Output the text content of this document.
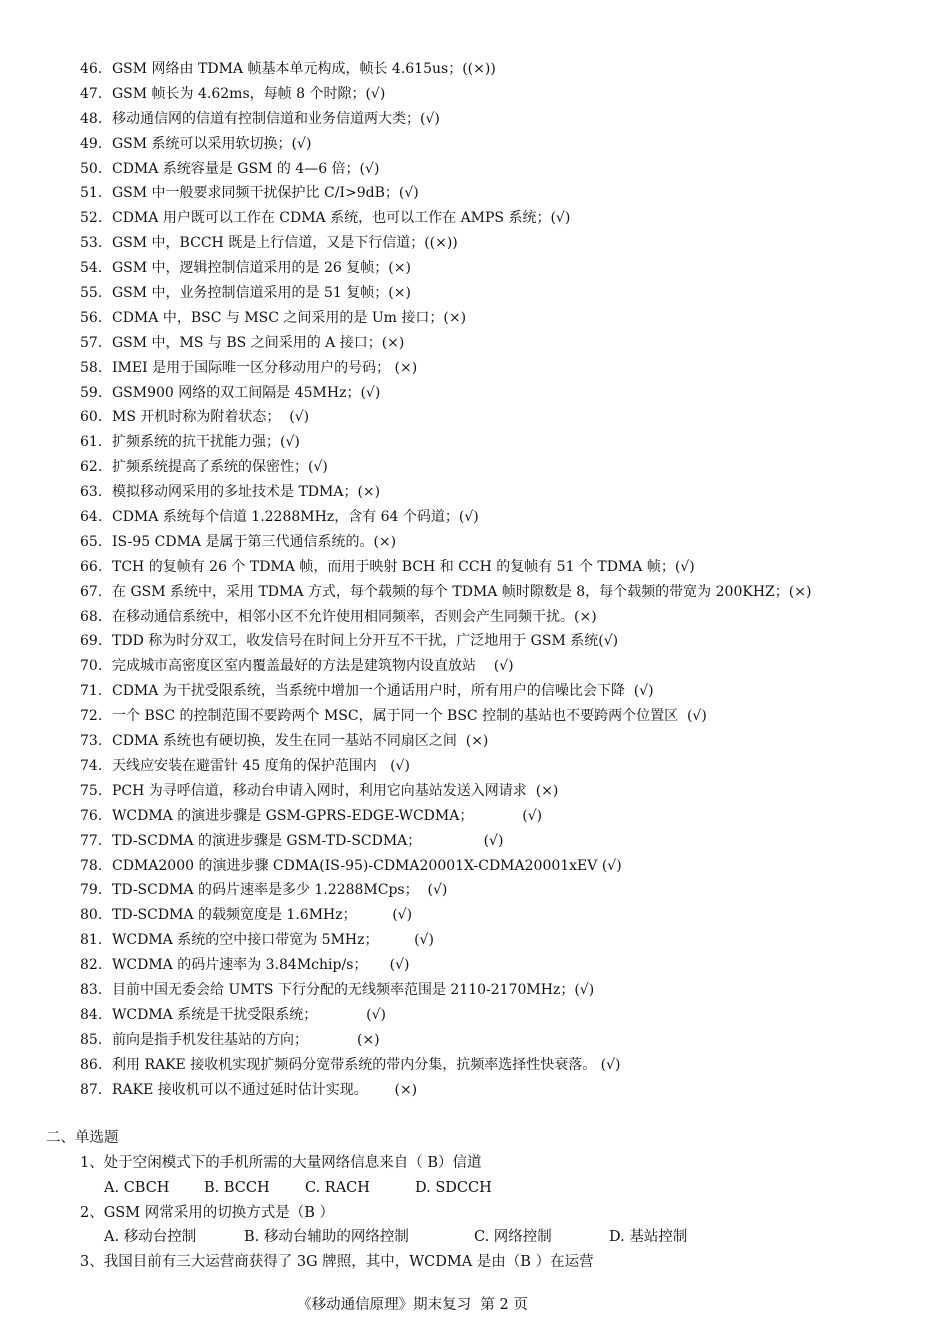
46. GSM 网络由 TDMA 帧基本单元构成，帧长 4.615us；((×))
47. GSM 帧长为 4.62ms，每帧 8 个时隙；(√)
48. 移动通信网的信道有控制信道和业务信道两大类；(√)
49. GSM 系统可以采用软切换；(√)
50. CDMA 系统容量是 GSM 的 4—6 倍；(√)
51. GSM 中一般要求同频干扰保护比 C/I>9dB；(√)
52. CDMA 用户既可以工作在 CDMA 系统，也可以工作在 AMPS 系统；(√)
53. GSM 中，BCCH 既是上行信道，又是下行信道；((×))
54. GSM 中，逻辑控制信道采用的是 26 复帧；(×)
55. GSM 中，业务控制信道采用的是 51 复帧；(×)
56. CDMA 中，BSC 与 MSC 之间采用的是 Um 接口；(×)
57. GSM 中，MS 与 BS 之间采用的 A 接口；(×)
58. IMEI 是用于国际唯一区分移动用户的号码； (×)
59. GSM900 网络的双工间隔是 45MHz；(√)
60. MS 开机时称为附着状态；  (√)
61. 扩频系统的抗干扰能力强；(√)
62. 扩频系统提高了系统的保密性；(√)
63. 模拟移动网采用的多址技术是 TDMA；(×)
64. CDMA 系统每个信道 1.2288MHz，含有 64 个码道；(√)
65. IS-95 CDMA 是属于第三代通信系统的。(×)
66. TCH 的复帧有 26 个 TDMA 帧，而用于映射 BCH 和 CCH 的复帧有 51 个 TDMA 帧；(√)
67. 在 GSM 系统中，采用 TDMA 方式，每个载频的每个 TDMA 帧时隙数是 8，每个载频的带宽为 200KHZ；(×)
68. 在移动通信系统中，相邻小区不允许使用相同频率，否则会产生同频干扰。(×)
69. TDD 称为时分双工，收发信号在时间上分开互不干扰，广泛地用于 GSM 系统(√)
70. 完成城市高密度区室内覆盖最好的方法是建筑物内设直放站    (√)
71. CDMA 为干扰受限系统，当系统中增加一个通话用户时，所有用户的信噪比会下降  (√)
72. 一个 BSC 的控制范围不要跨两个 MSC，属于同一个 BSC 控制的基站也不要跨两个位置区  (√)
73. CDMA 系统也有硬切换，发生在同一基站不同扇区之间  (×)
74. 天线应安装在避雷针 45 度角的保护范围内   (√)
75. PCH 为寻呼信道，移动台申请入网时，利用它向基站发送入网请求  (×)
76. WCDMA 的演进步骤是 GSM-GPRS-EDGE-WCDMA；           (√)
77. TD-SCDMA 的演进步骤是 GSM-TD-SCDMA；              (√)
78. CDMA2000 的演进步骤 CDMA(IS-95)-CDMA20001X-CDMA20001xEV (√)
79. TD-SCDMA 的码片速率是多少 1.2288MCps；  (√)
80. TD-SCDMA 的载频宽度是 1.6MHz；        (√)
81. WCDMA 系统的空中接口带宽为 5MHz；        (√)
82. WCDMA 的码片速率为 3.84Mchip/s；     (√)
83. 目前中国无委会给 UMTS 下行分配的无线频率范围是 2110-2170MHz；(√)
84. WCDMA 系统是干扰受限系统；           (√)
85. 前向是指手机发往基站的方向；           (×)
86. 利用 RAKE 接收机实现扩频码分宽带系统的带内分集，抗频率选择性快衰落。 (√)
87. RAKE 接收机可以不通过延时估计实现。      (×)
二、单选题
1、处于空闲模式下的手机所需的大量网络信息来自（ B）信道
A. CBCH	B. BCCH	C. RACH	D. SDCCH
2、GSM 网常采用的切换方式是（B ）
A. 移动台控制	B. 移动台辅助的网络控制	C. 网络控制	D. 基站控制
3、我国目前有三大运营商获得了 3G 牌照，其中，WCDMA 是由（B ）在运营
《移动通信原理》期末复习  第 2 页
